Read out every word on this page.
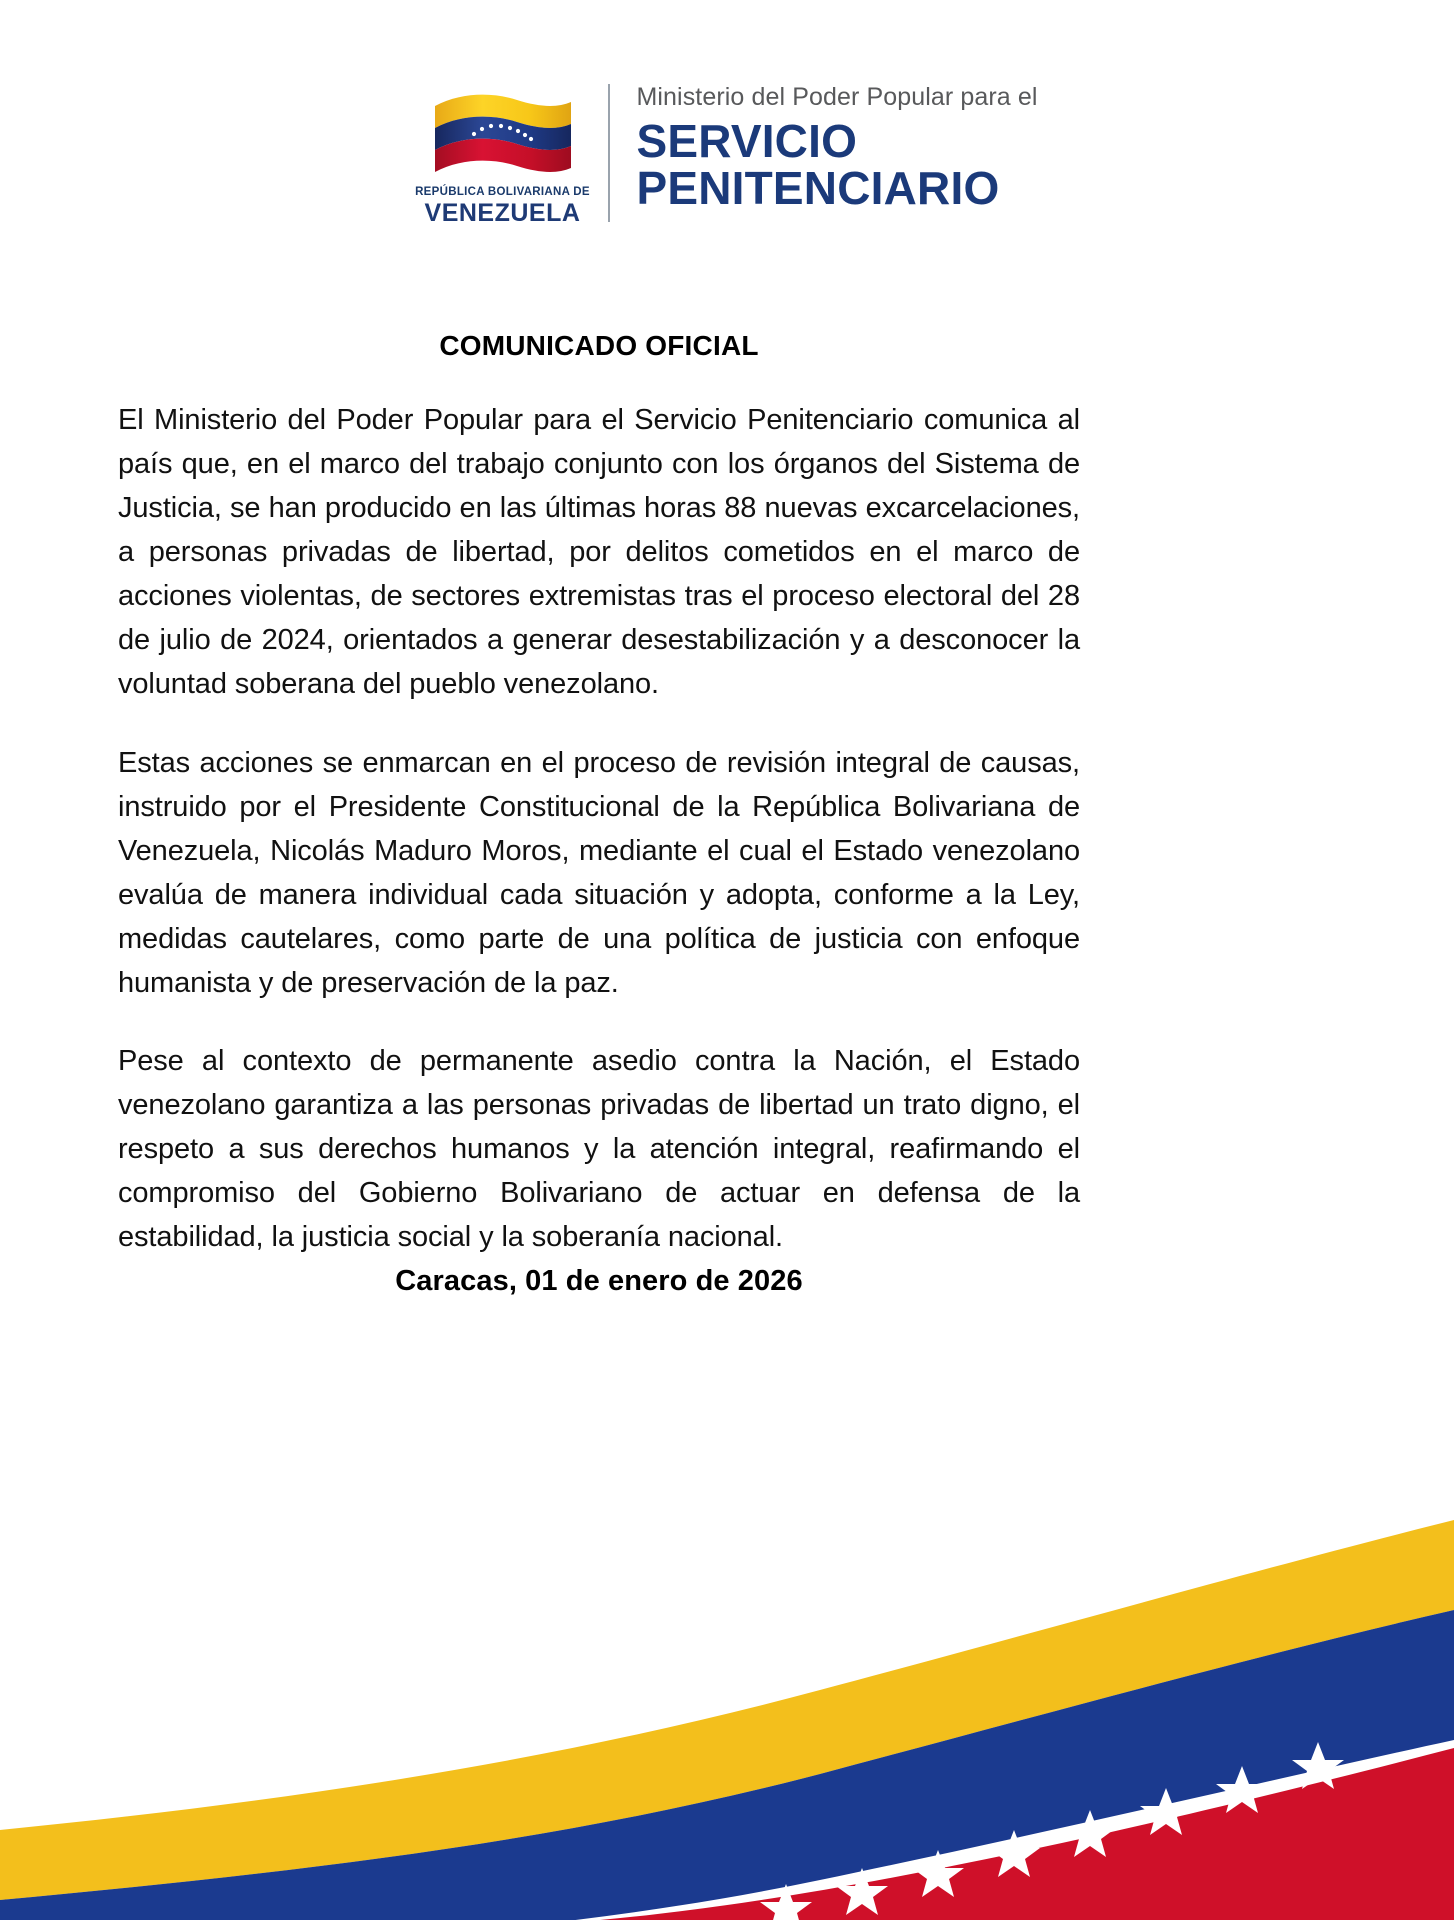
REPÚBLICA BOLIVARIANA DE
VENEZUELA
Ministerio del Poder Popular para el
SERVICIO
PENITENCIARIO
COMUNICADO OFICIAL

El Ministerio del Poder Popular para el Servicio Penitenciario comunica al país que, en el marco del trabajo conjunto con los órganos del Sistema de Justicia, se han producido en las últimas horas 88 nuevas excarcelaciones, a personas privadas de libertad, por delitos cometidos en el marco de acciones violentas, de sectores extremistas tras el proceso electoral del 28 de julio de 2024, orientados a generar desestabilización y a desconocer la voluntad soberana del pueblo venezolano.

Estas acciones se enmarcan en el proceso de revisión integral de causas, instruido por el Presidente Constitucional de la República Bolivariana de Venezuela, Nicolás Maduro Moros, mediante el cual el Estado venezolano evalúa de manera individual cada situación y adopta, conforme a la Ley, medidas cautelares, como parte de una política de justicia con enfoque humanista y de preservación de la paz.

Pese al contexto de permanente asedio contra la Nación, el Estado venezolano garantiza a las personas privadas de libertad un trato digno, el respeto a sus derechos humanos y la atención integral, reafirmando el compromiso del Gobierno Bolivariano de actuar en defensa de la estabilidad, la justicia social y la soberanía nacional.

Caracas, 01 de enero de 2026
